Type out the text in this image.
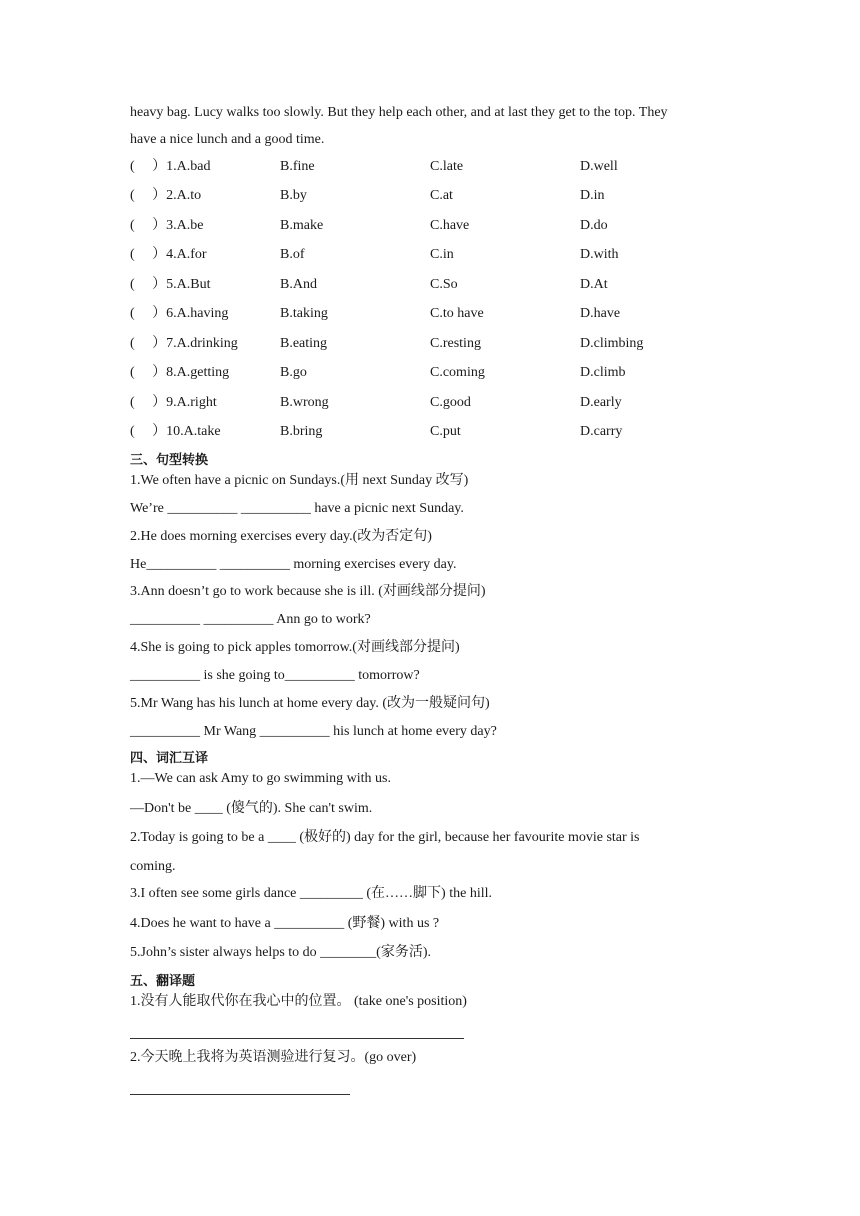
heavy bag. Lucy walks too slowly. But they help each other, and at last they get to the top. They
have a nice lunch and a good time.
(　 ）1.A.bad	B.fine	C.late	D.well
(　 ）2.A.to	B.by	C.at	D.in
(　 ）3.A.be	B.make	C.have	D.do
(　 ）4.A.for	B.of	C.in	D.with
(　 ）5.A.But	B.And	C.So	D.At
(　 ）6.A.having	B.taking	C.to have	D.have
(　 ）7.A.drinking	B.eating	C.resting	D.climbing
(　 ）8.A.getting	B.go	C.coming	D.climb
(　 ）9.A.right	B.wrong	C.good	D.early
(　 ）10.A.take	B.bring	C.put	D.carry
三、句型转换
1.We often have a picnic on Sundays.(用 next Sunday 改写)
We’re __________ __________ have a picnic next Sunday.
2.He does morning exercises every day.(改为否定句)
He__________ __________ morning exercises every day.
3.Ann doesn’t go to work because she is ill. (对画线部分提问)
__________ __________ Ann go to work?
4.She is going to pick apples tomorrow.(对画线部分提问)
__________ is she going to__________ tomorrow?
5.Mr Wang has his lunch at home every day. (改为一般疑问句)
__________ Mr Wang __________ his lunch at home every day?
四、词汇互译
1.—We can ask Amy to go swimming with us.
—Don't be ____ (傻气的). She can't swim.
2.Today is going to be a ____ (极好的) day for the girl, because her favourite movie star is
coming.
3.I often see some girls dance _________ (在……脚下) the hill.
4.Does he want to have a __________ (野餐) with us ?
5.John’s sister always helps to do ________(家务活).
五、翻译题
1.没有人能取代你在我心中的位置。 (take one's position)
2.今天晚上我将为英语测验进行复习。(go over)
